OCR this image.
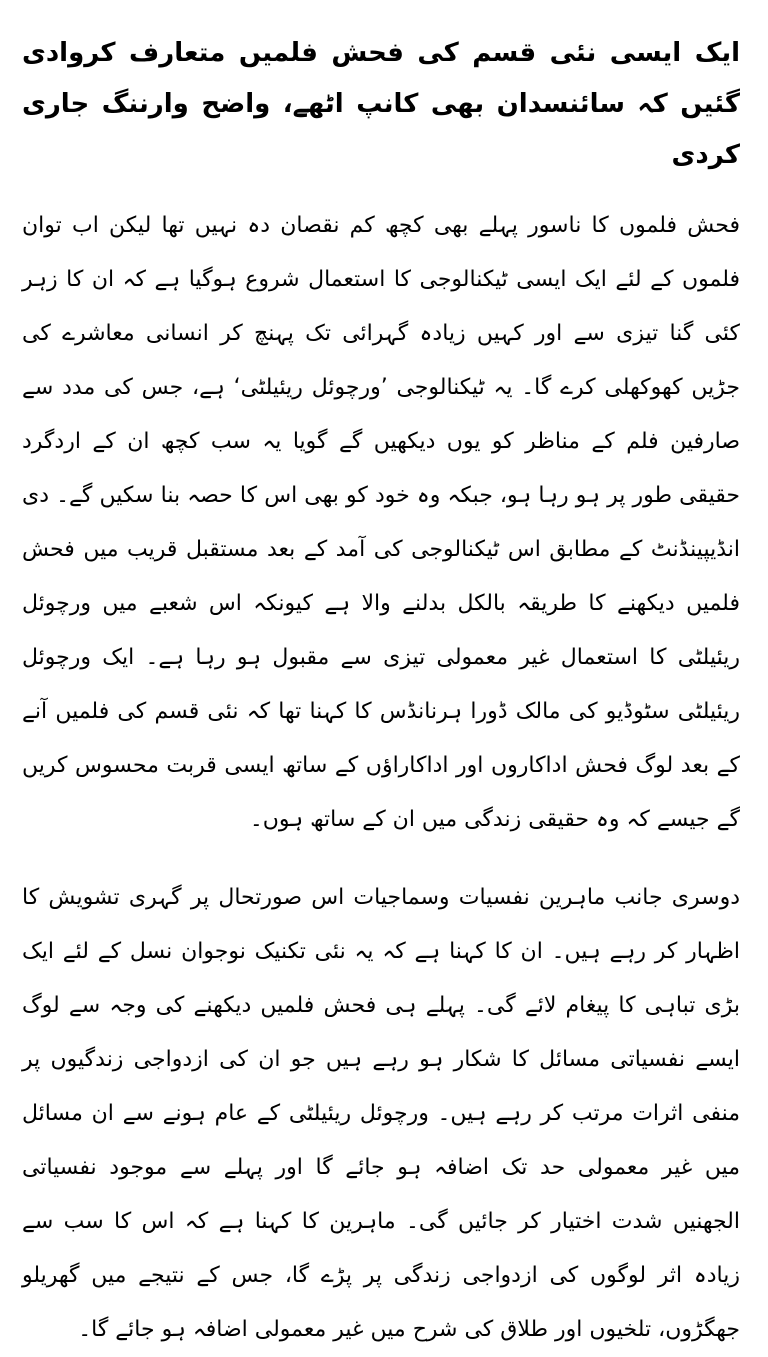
ایک ایسی نئی قسم کی فحش فلمیں متعارف کروادی گئیں کہ سائنسدان بھی کانپ اٹھے، واضح وارننگ جاری کردی

فحش فلموں کا ناسور پہلے بھی کچھ کم نقصان دہ نہیں تھا لیکن اب توان فلموں کے لئے ایک ایسی ٹیکنالوجی کا استعمال شروع ہوگیا ہے کہ ان کا زہر کئی گنا تیزی سے اور کہیں زیادہ گہرائی تک پہنچ کر انسانی معاشرے کی جڑیں کھوکھلی کرے گا۔ یہ ٹیکنالوجی ’ورچوئل ریئیلٹی‘ ہے، جس کی مدد سے صارفین فلم کے مناظر کو یوں دیکھیں گے گویا یہ سب کچھ ان کے اردگرد حقیقی طور پر ہو رہا ہو، جبکہ وہ خود کو بھی اس کا حصہ بنا سکیں گے۔ دی انڈیپینڈنٹ کے مطابق اس ٹیکنالوجی کی آمد کے بعد مستقبل قریب میں فحش فلمیں دیکھنے کا طریقہ بالکل بدلنے والا ہے کیونکہ اس شعبے میں ورچوئل ریئیلٹی کا استعمال غیر معمولی تیزی سے مقبول ہو رہا ہے۔ ایک ورچوئل ریئیلٹی سٹوڈیو کی مالک ڈورا ہرنانڈس کا کہنا تھا کہ نئی قسم کی فلمیں آنے کے بعد لوگ فحش اداکاروں اور اداکاراؤں کے ساتھ ایسی قربت محسوس کریں گے جیسے کہ وہ حقیقی زندگی میں ان کے ساتھ ہوں۔

دوسری جانب ماہرین نفسیات وسماجیات اس صورتحال پر گہری تشویش کا اظہار کر رہے ہیں۔ ان کا کہنا ہے کہ یہ نئی تکنیک نوجوان نسل کے لئے ایک بڑی تباہی کا پیغام لائے گی۔ پہلے ہی فحش فلمیں دیکھنے کی وجہ سے لوگ ایسے نفسیاتی مسائل کا شکار ہو رہے ہیں جو ان کی ازدواجی زندگیوں پر منفی اثرات مرتب کر رہے ہیں۔ ورچوئل ریئیلٹی کے عام ہونے سے ان مسائل میں غیر معمولی حد تک اضافہ ہو جائے گا اور پہلے سے موجود نفسیاتی الجھنیں شدت اختیار کر جائیں گی۔ ماہرین کا کہنا ہے کہ اس کا سب سے زیادہ اثر لوگوں کی ازدواجی زندگی پر پڑے گا، جس کے نتیجے میں گھریلو جھگڑوں، تلخیوں اور طلاق کی شرح میں غیر معمولی اضافہ ہو جائے گا۔
